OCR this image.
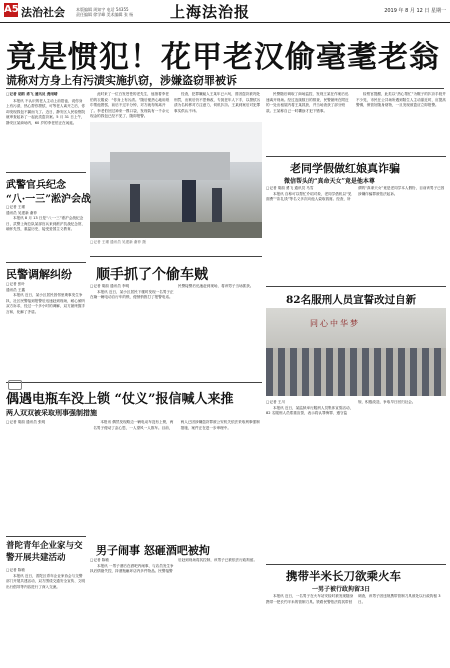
A5 法治社会	本版编辑 周知宇 电话 54355
责任编辑 徐学峰 美术编辑 张 杨 上海法治报	2019 年 8 月 12 日 星期一
竟是惯犯！花甲老汉偷毫耄老翁
谎称对方身上有污渍实施扒窃，涉嫌盗窃罪被诉
□记者 胡韵 勇飞 通讯员 龚雨晴

本报讯 不认识的老人主动上前搭讪，说你身上有污渍，热心帮你擦拭，可等老人离开之后，你却发现钱包不翼而飞了。近日，静安区人民检察院就审查起诉了一起此类盗窃案。5 月 31 日上午，静安区某商场内，60 岁的李老伯正在闲逛。

此时来了一位白发苍苍的老先生，他指着李老伯的衣服说：“你身上有污渍。”随后便热心地用纸巾帮他擦拭，前后不过半分钟，对方就匆匆离开了。李老伯回过神来一摸口袋，发现装有一千余元现金的钱包已经不见了，随即报警。

经查，犯罪嫌疑人王某年已六旬，曾因盗窃被判处刑罚，出狱后仍不思悔改，专挑老年人下手，以擦拭污渍为名转移对方注意力，伺机扒窃。王某到案后对犯罪事实供认不讳。

民警随后调取了商场监控，发现王某在作案后迅速离开现场。经过连续数日的排查，民警最终在附近的一处出租屋内将王某抓获，并当场查获了部分赃款。王某称自己一时糊涂才犯下错事。

检察官提醒，此类以“热心帮忙”为幌子的扒窃手段并不少见，市民在公共场所遇到陌生人主动靠近时，应提高警惕，保管好随身财物，一旦发现被盗应立即报警。

□记者 王瑾 通讯员 吴建新 谢菲 摄
武警官兵纪念
“八·一三”淞沪会战
□记者 王瑾
通讯员 吴建新 谢菲

本报讯 8 月 13 日是“八·一三”淞沪会战纪念日，武警上海总队某部官兵来到淞沪抗战纪念馆，缅怀先烈，重温历史，接受爱国主义教育。

民警调解纠纷
□记者 张叶
通讯员 王鑫

本报讯 近日，某小区居民因邻里琐事发生争执，社区民警接到报警后迅速赶到现场，耐心倾听双方诉求，经过一个多小时的调解，双方最终握手言和，化解了矛盾。

顺手抓了个偷车贼
□记者 胡韵 通讯员 李明

本报讯 近日，某小区居民下楼时发现一名男子正在撬一辆电动自行车的锁，便悄悄拨打了报警电话。民警接警后迅速赶到现场，将该男子当场抓获。

偶遇电瓶车没上锁 “仗义”报信喊人来推
两人双双被采取刑事强制措施
□记者 胡韵 通讯员 张明	本报讯 偶然发现路边一辆电动车没有上锁，两名男子便动了歪心思，一人望风一人推车。目前，两人已因涉嫌盗窃罪被公安机关依法采取刑事强制措施，案件正在进一步审理中。

普陀青年企业家与交警开展共建活动
□记者 陈敏

本报讯 近日，普陀区青年企业家协会与交警部门开展共建活动，双方围绕交通安全宣传、文明出行倡导等内容进行了深入交流。

男子闹事 怒砸酒吧被拘
□记者 陈敏

本报讯 一男子酒后在酒吧内闹事，与店员发生争执后情绪失控，持酒瓶砸坏店内多件物品。民警接警后赶到现场将其控制，该男子已被依法行政拘留。

老同学假做红娘真诈骗
微信帮头的“真命天女”竟是他本尊
□记者 胡韵 勇飞 通讯员 马雪

本报讯 自称可以帮忙介绍对象，老同学借机以“见面费”“彩礼钱”等名义多次向他人索取钱财。经查，所谓的“真命天女”竟是老同学本人假扮，目前该男子已因涉嫌诈骗罪被依法起诉。

82名服刑人员宣誓改过自新
同心中华梦
□记者 王川

本报讯 近日，某监狱举行服刑人员集体宣誓活动，82 名服刑人员郑重宣誓，表示将认罪悔罪、遵守监规、积极改造，争取早日回归社会。

携带半米长刀欲乘火车
一男子被行政拘留3日

本报讯 近日，一名男子在火车站安检时被发现随身携带一把长约半米的管制刀具。铁路民警依法将其带回调查，该男子因违规携带管制刀具被处以行政拘留 3 日。
